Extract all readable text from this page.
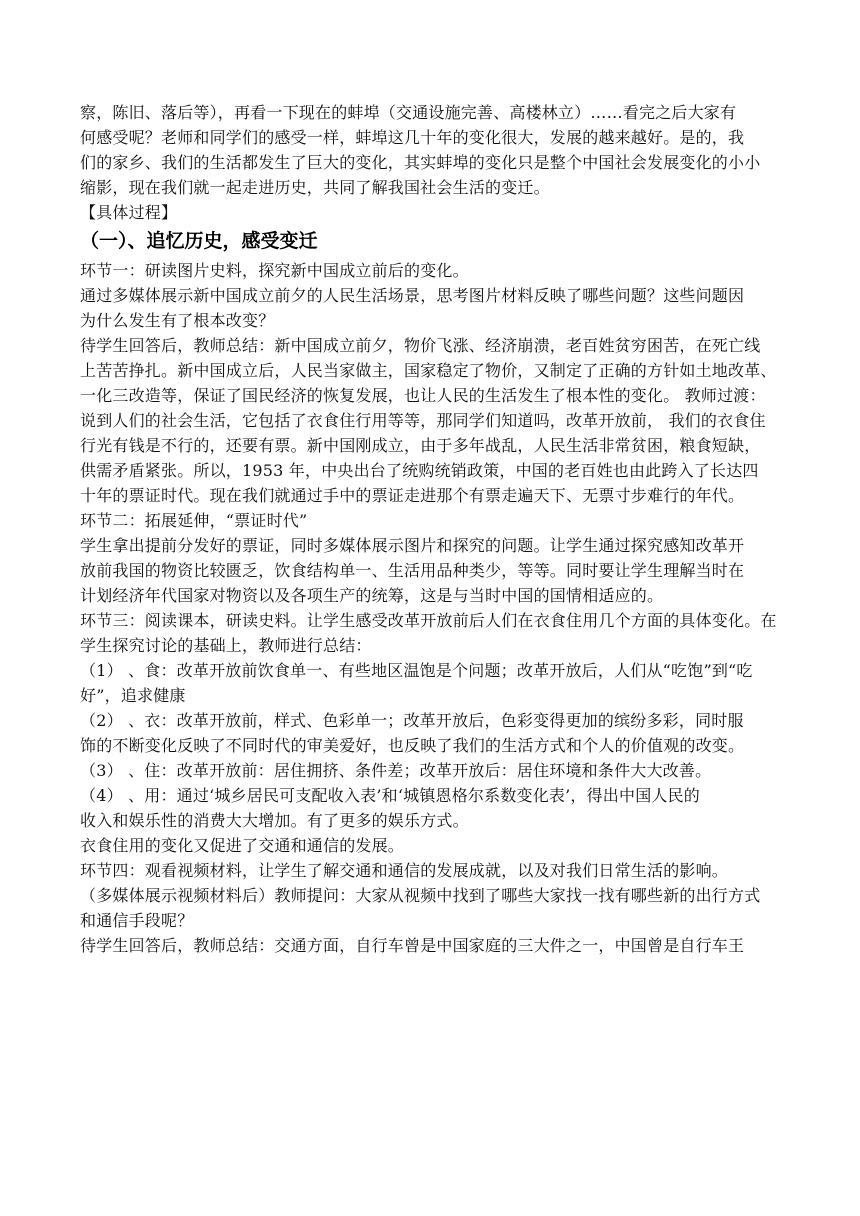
察，陈旧、落后等），再看一下现在的蚌埠（交通设施完善、高楼林立）……看完之后大家有
何感受呢？老师和同学们的感受一样，蚌埠这几十年的变化很大，发展的越来越好。是的，我
们的家乡、我们的生活都发生了巨大的变化，其实蚌埠的变化只是整个中国社会发展变化的小小
缩影，现在我们就一起走进历史，共同了解我国社会生活的变迁。
【具体过程】
（一）、追忆历史，感受变迁
环节一：研读图片史料，探究新中国成立前后的变化。
通过多媒体展示新中国成立前夕的人民生活场景，思考图片材料反映了哪些问题？这些问题因
为什么发生有了根本改变？
待学生回答后，教师总结：新中国成立前夕，物价飞涨、经济崩溃，老百姓贫穷困苦，在死亡线
上苦苦挣扎。新中国成立后，人民当家做主，国家稳定了物价，又制定了正确的方针如土地改革、
一化三改造等，保证了国民经济的恢复发展，也让人民的生活发生了根本性的变化。 教师过渡：
说到人们的社会生活，它包括了衣食住行用等等，那同学们知道吗，改革开放前， 我们的衣食住
行光有钱是不行的，还要有票。新中国刚成立，由于多年战乱，人民生活非常贫困，粮食短缺，
供需矛盾紧张。所以，1953 年，中央出台了统购统销政策，中国的老百姓也由此跨入了长达四
十年的票证时代。现在我们就通过手中的票证走进那个有票走遍天下、无票寸步难行的年代。
环节二：拓展延伸，“票证时代”
学生拿出提前分发好的票证，同时多媒体展示图片和探究的问题。让学生通过探究感知改革开
放前我国的物资比较匮乏，饮食结构单一、生活用品种类少，等等。同时要让学生理解当时在
计划经济年代国家对物资以及各项生产的统筹，这是与当时中国的国情相适应的。
环节三：阅读课本，研读史料。让学生感受改革开放前后人们在衣食住用几个方面的具体变化。在
学生探究讨论的基础上，教师进行总结：
（1） 、食：改革开放前饮食单一、有些地区温饱是个问题；改革开放后，人们从“吃饱”到“吃
好”，追求健康
（2） 、衣：改革开放前，样式、色彩单一；改革开放后，色彩变得更加的缤纷多彩，同时服
饰的不断变化反映了不同时代的审美爱好，也反映了我们的生活方式和个人的价值观的改变。
（3） 、住：改革开放前：居住拥挤、条件差；改革开放后：居住环境和条件大大改善。
（4） 、用：通过‘城乡居民可支配收入表’和‘城镇恩格尔系数变化表’，得出中国人民的
收入和娱乐性的消费大大增加。有了更多的娱乐方式。
衣食住用的变化又促进了交通和通信的发展。
环节四：观看视频材料，让学生了解交通和通信的发展成就，以及对我们日常生活的影响。
（多媒体展示视频材料后）教师提问：大家从视频中找到了哪些大家找一找有哪些新的出行方式
和通信手段呢？
待学生回答后，教师总结：交通方面，自行车曾是中国家庭的三大件之一，中国曾是自行车王
